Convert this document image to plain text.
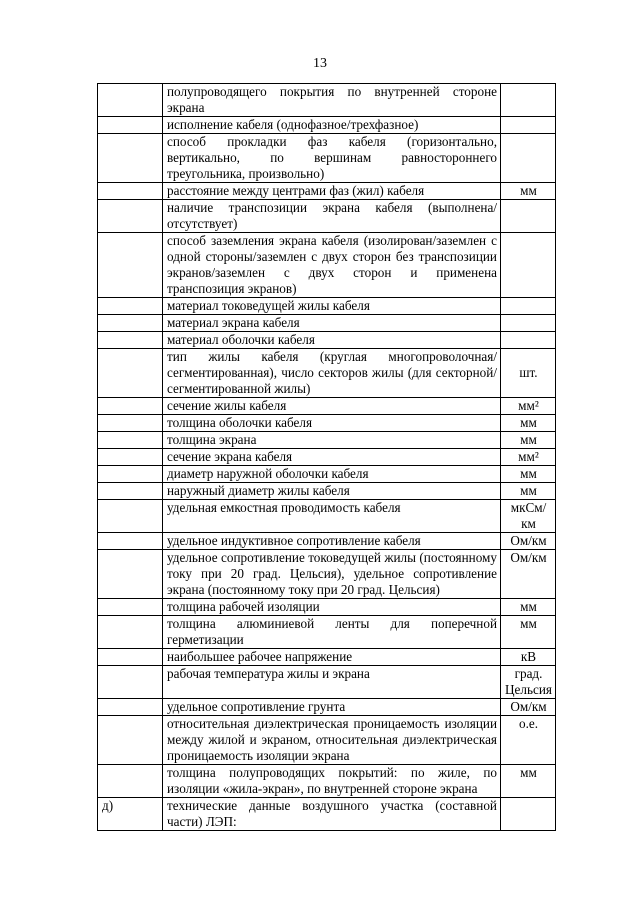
13
	полупроводящего покрытия по внутренней стороне экрана	
	исполнение кабеля (однофазное/трехфазное)	
	способ прокладки фаз кабеля (горизонтально, вертикально, по вершинам равностороннего треугольника, произвольно)	
	расстояние между центрами фаз (жил) кабеля	мм
	наличие транспозиции экрана кабеля (выполнена/отсутствует)	
	способ заземления экрана кабеля (изолирован/заземлен с одной стороны/заземлен с двух сторон без транспозиции экранов/заземлен с двух сторон и применена транспозиция экранов)	
	материал токоведущей жилы кабеля	
	материал экрана кабеля	
	материал оболочки кабеля	
	тип жилы кабеля (круглая многопроволочная/сегментированная), число секторов жилы (для секторной/сегментированной жилы)	шт.
	сечение жилы кабеля	мм²
	толщина оболочки кабеля	мм
	толщина экрана	мм
	сечение экрана кабеля	мм²
	диаметр наружной оболочки кабеля	мм
	наружный диаметр жилы кабеля	мм
	удельная емкостная проводимость кабеля	мкСм/км
	удельное индуктивное сопротивление кабеля	Ом/км
	удельное сопротивление токоведущей жилы (постоянному току при 20 град. Цельсия), удельное сопротивление экрана (постоянному току при 20 град. Цельсия)	Ом/км
	толщина рабочей изоляции	мм
	толщина алюминиевой ленты для поперечной герметизации	мм
	наибольшее рабочее напряжение	кВ
	рабочая температура жилы и экрана	град. Цельсия
	удельное сопротивление грунта	Ом/км
	относительная диэлектрическая проницаемость изоляции между жилой и экраном, относительная диэлектрическая проницаемость изоляции экрана	о.е.
	толщина полупроводящих покрытий: по жиле, по изоляции «жила-экран», по внутренней стороне экрана	мм
д)	технические данные воздушного участка (составной части) ЛЭП:	
